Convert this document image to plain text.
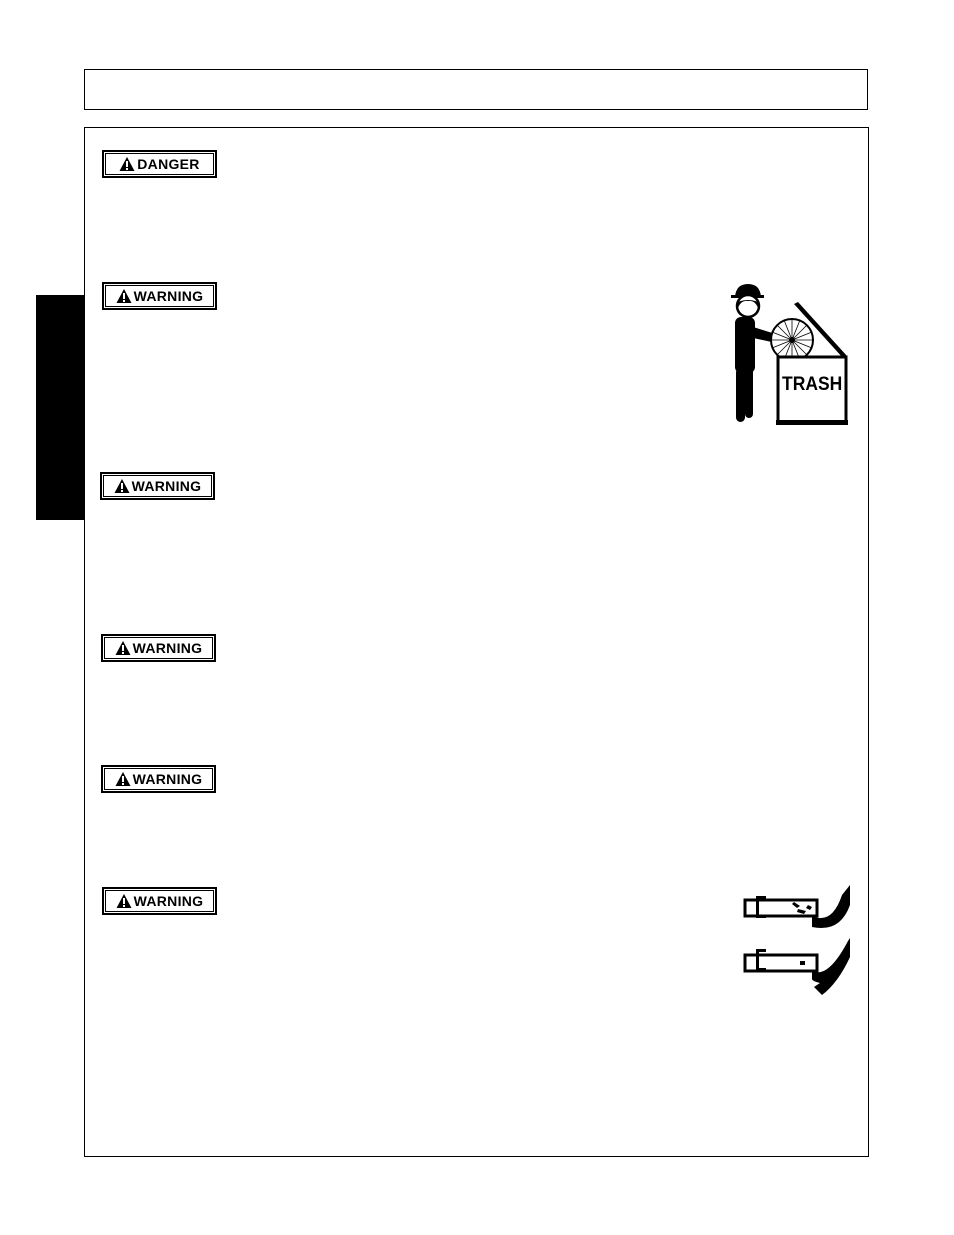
DANGER
WARNING
WARNING
WARNING
WARNING
WARNING
TRASH
